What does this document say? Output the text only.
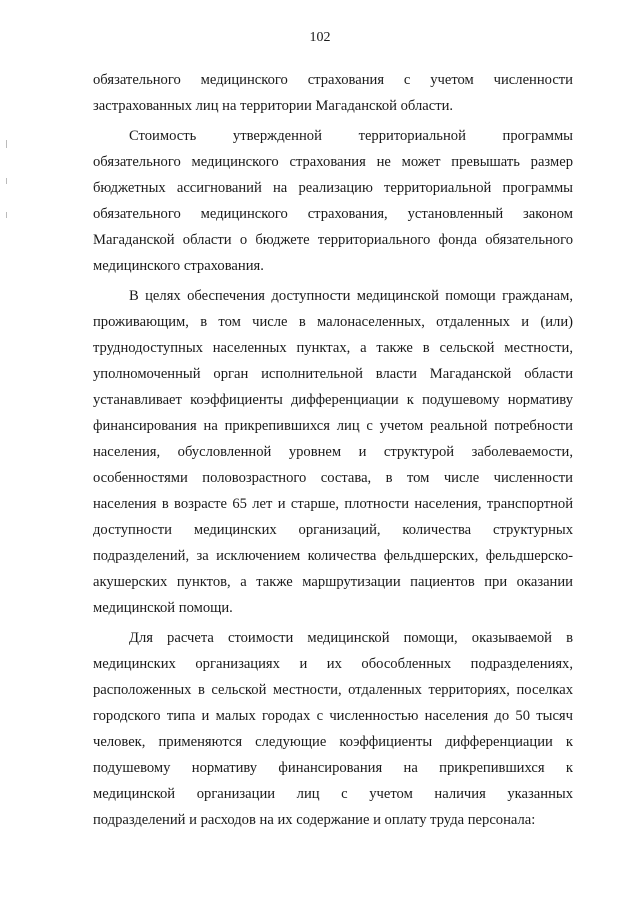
102

обязательного медицинского страхования с учетом численности

застрахованных лиц на территории Магаданской области.

Стоимость утвержденной территориальной программы

обязательного медицинского страхования не может превышать размер

бюджетных ассигнований на реализацию территориальной программы

обязательного медицинского страхования, установленный законом

Магаданской области о бюджете территориального фонда обязательного

медицинского страхования.

В целях обеспечения доступности медицинской помощи гражданам,

проживающим, в том числе в малонаселенных, отдаленных и (или)

труднодоступных населенных пунктах, а также в сельской местности,

уполномоченный орган исполнительной власти Магаданской области

устанавливает коэффициенты дифференциации к подушевому нормативу

финансирования на прикрепившихся лиц с учетом реальной потребности

населения, обусловленной уровнем и структурой заболеваемости,

особенностями половозрастного состава, в том числе численности

населения в возрасте 65 лет и старше, плотности населения, транспортной

доступности медицинских организаций, количества структурных

подразделений, за исключением количества фельдшерских, фельдшерско-

акушерских пунктов, а также маршрутизации пациентов при оказании

медицинской помощи.

Для расчета стоимости медицинской помощи, оказываемой в

медицинских организациях и их обособленных подразделениях,

расположенных в сельской местности, отдаленных территориях, поселках

городского типа и малых городах с численностью населения до 50 тысяч

человек, применяются следующие коэффициенты дифференциации к

подушевому нормативу финансирования на прикрепившихся к

медицинской организации лиц с учетом наличия указанных

подразделений и расходов на их содержание и оплату труда персонала:
